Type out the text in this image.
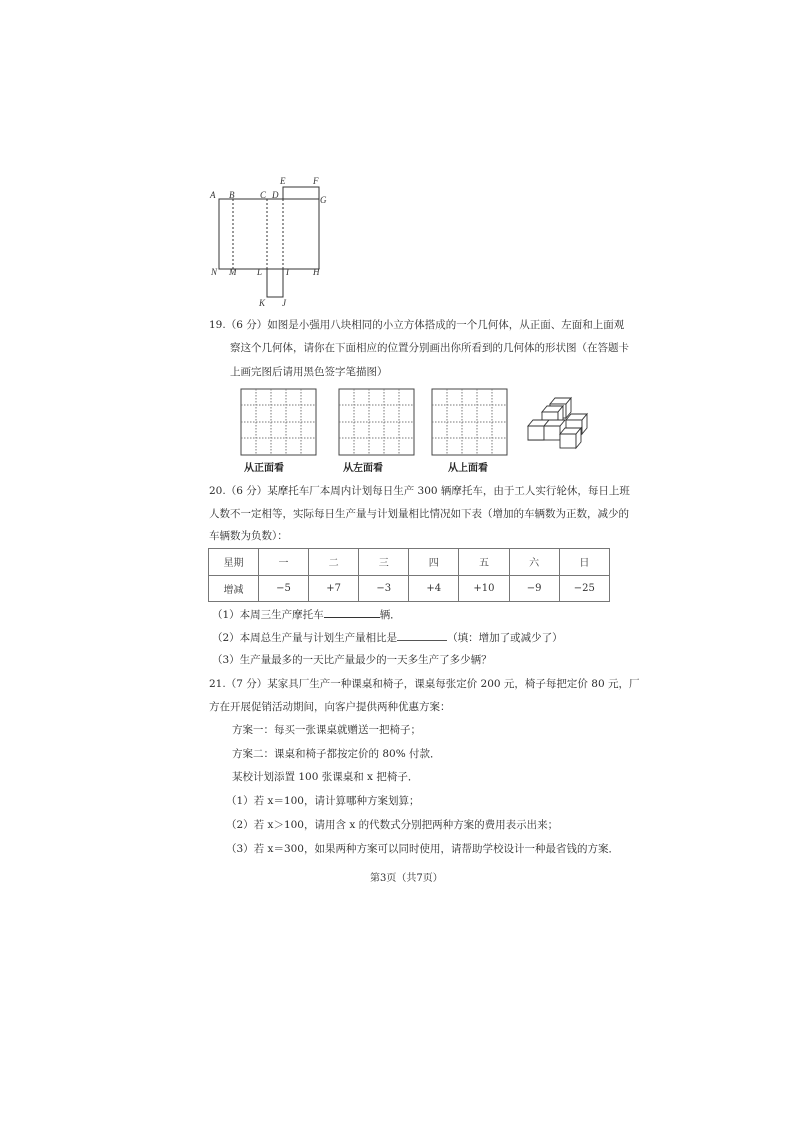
A B	C D
E	F
G
N M L	I	H
K J
19.（6 分）如图是小强用八块相同的小立方体搭成的一个几何体，从正面、左面和上面观
察这个几何体，请你在下面相应的位置分别画出你所看到的几何体的形状图（在答题卡
上画完图后请用黑色签字笔描图）
从正面看	从左面看	从上面看
20.（6 分）某摩托车厂本周内计划每日生产 300 辆摩托车，由于工人实行轮休，每日上班
人数不一定相等，实际每日生产量与计划量相比情况如下表（增加的车辆数为正数，减少的
车辆数为负数）：
星期	一	二	三	四	五	六	日
增减	−5	+7	−3	+4	+10	−9	−25
（1）本周三生产摩托车	辆．
（2）本周总生产量与计划生产量相比是	（填：增加了或减少了）
（3）生产量最多的一天比产量最少的一天多生产了多少辆？
21.（7 分）某家具厂生产一种课桌和椅子，课桌每张定价 200 元，椅子每把定价 80 元，厂
方在开展促销活动期间，向客户提供两种优惠方案：
方案一：每买一张课桌就赠送一把椅子；
方案二：课桌和椅子都按定价的 80% 付款．
某校计划添置 100 张课桌和 x 把椅子．
（1）若 x＝100，请计算哪种方案划算；
（2）若 x＞100，请用含 x 的代数式分别把两种方案的费用表示出来；
（3）若 x＝300，如果两种方案可以同时使用，请帮助学校设计一种最省钱的方案．
第3页（共7页）
